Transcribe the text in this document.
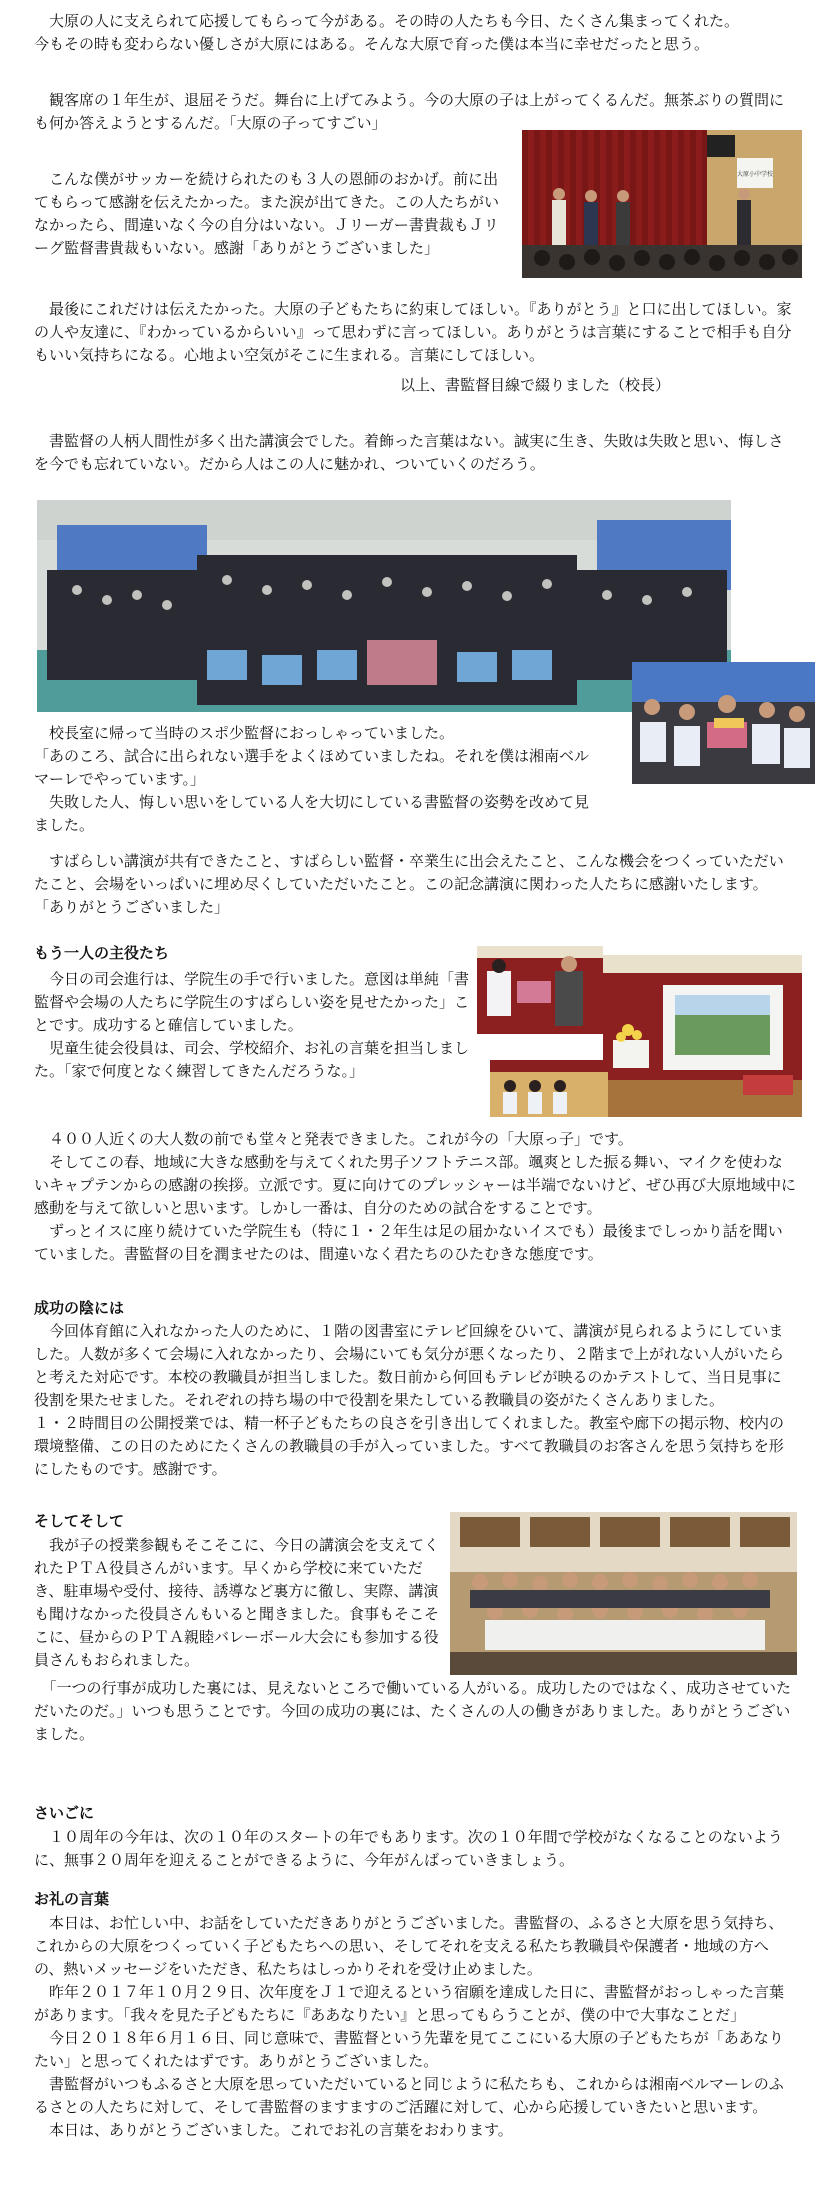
　大原の人に支えられて応援してもらって今がある。その時の人たちも今日、たくさん集まってくれた。
今もその時も変わらない優しさが大原にはある。そんな大原で育った僕は本当に幸せだったと思う。

　観客席の１年生が、退屈そうだ。舞台に上げてみよう。今の大原の子は上がってくるんだ。無茶ぶりの質問にも何か答えようとするんだ。「大原の子ってすごい」

大原小中学校

　こんな僕がサッカーを続けられたのも３人の恩師のおかげ。前に出てもらって感謝を伝えたかった。また涙が出てきた。この人たちがいなかったら、間違いなく今の自分はいない。Ｊリーガー書貴裁もＪリーグ監督書貴裁もいない。感謝「ありがとうございました」

　最後にこれだけは伝えたかった。大原の子どもたちに約束してほしい。『ありがとう』と口に出してほしい。家の人や友達に、『わかっているからいい』って思わずに言ってほしい。ありがとうは言葉にすることで相手も自分もいい気持ちになる。心地よい空気がそこに生まれる。言葉にしてほしい。

以上、書監督目線で綴りました（校長）

　書監督の人柄人間性が多く出た講演会でした。着飾った言葉はない。誠実に生き、失敗は失敗と思い、悔しさを今でも忘れていない。だから人はこの人に魅かれ、ついていくのだろう。

　校長室に帰って当時のスポ少監督におっしゃっていました。
「あのころ、試合に出られない選手をよくほめていましたね。それを僕は湘南ベルマーレでやっています。」
　失敗した人、悔しい思いをしている人を大切にしている書監督の姿勢を改めて見ました。

　すばらしい講演が共有できたこと、すばらしい監督・卒業生に出会えたこと、こんな機会をつくっていただいたこと、会場をいっぱいに埋め尽くしていただいたこと。この記念講演に関わった人たちに感謝いたします。
「ありがとうございました」

もう一人の主役たち

　今日の司会進行は、学院生の手で行いました。意図は単純「書監督や会場の人たちに学院生のすばらしい姿を見せたかった」ことです。成功すると確信していました。
　児童生徒会役員は、司会、学校紹介、お礼の言葉を担当しました。「家で何度となく練習してきたんだろうな。」

　４００人近くの大人数の前でも堂々と発表できました。これが今の「大原っ子」です。
　そしてこの春、地域に大きな感動を与えてくれた男子ソフトテニス部。颯爽とした振る舞い、マイクを使わないキャプテンからの感謝の挨拶。立派です。夏に向けてのプレッシャーは半端でないけど、ぜひ再び大原地域中に感動を与えて欲しいと思います。しかし一番は、自分のための試合をすることです。
　ずっとイスに座り続けていた学院生も（特に１・２年生は足の届かないイスでも）最後までしっかり話を聞いていました。書監督の目を潤ませたのは、間違いなく君たちのひたむきな態度です。

成功の陰には

　今回体育館に入れなかった人のために、１階の図書室にテレビ回線をひいて、講演が見られるようにしていました。人数が多くて会場に入れなかったり、会場にいても気分が悪くなったり、２階まで上がれない人がいたらと考えた対応です。本校の教職員が担当しました。数日前から何回もテレビが映るのかテストして、当日見事に役割を果たせました。それぞれの持ち場の中で役割を果たしている教職員の姿がたくさんありました。
１・２時間目の公開授業では、精一杯子どもたちの良さを引き出してくれました。教室や廊下の掲示物、校内の環境整備、この日のためにたくさんの教職員の手が入っていました。すべて教職員のお客さんを思う気持ちを形にしたものです。感謝です。

そしてそして

　我が子の授業参観もそこそこに、今日の講演会を支えてくれたＰＴＡ役員さんがいます。早くから学校に来ていただき、駐車場や受付、接待、誘導など裏方に徹し、実際、講演も聞けなかった役員さんもいると聞きました。食事もそこそこに、昼からのＰＴＡ親睦バレーボール大会にも参加する役員さんもおられました。

　「一つの行事が成功した裏には、見えないところで働いている人がいる。成功したのではなく、成功させていただいたのだ。」いつも思うことです。今回の成功の裏には、たくさんの人の働きがありました。ありがとうございました。

さいごに

　１０周年の今年は、次の１０年のスタートの年でもあります。次の１０年間で学校がなくなることのないように、無事２０周年を迎えることができるように、今年がんばっていきましょう。

お礼の言葉

　本日は、お忙しい中、お話をしていただきありがとうございました。書監督の、ふるさと大原を思う気持ち、これからの大原をつくっていく子どもたちへの思い、そしてそれを支える私たち教職員や保護者・地域の方への、熱いメッセージをいただき、私たちはしっかりそれを受け止めました。
　昨年２０１７年１０月２９日、次年度をＪ１で迎えるという宿願を達成した日に、書監督がおっしゃった言葉があります。「我々を見た子どもたちに『ああなりたい』と思ってもらうことが、僕の中で大事なことだ」
　今日２０１８年６月１６日、同じ意味で、書監督という先輩を見てここにいる大原の子どもたちが「ああなりたい」と思ってくれたはずです。ありがとうございました。
　書監督がいつもふるさと大原を思っていただいていると同じように私たちも、これからは湘南ベルマーレのふるさとの人たちに対して、そして書監督のますますのご活躍に対して、心から応援していきたいと思います。
　本日は、ありがとうございました。これでお礼の言葉をおわります。
